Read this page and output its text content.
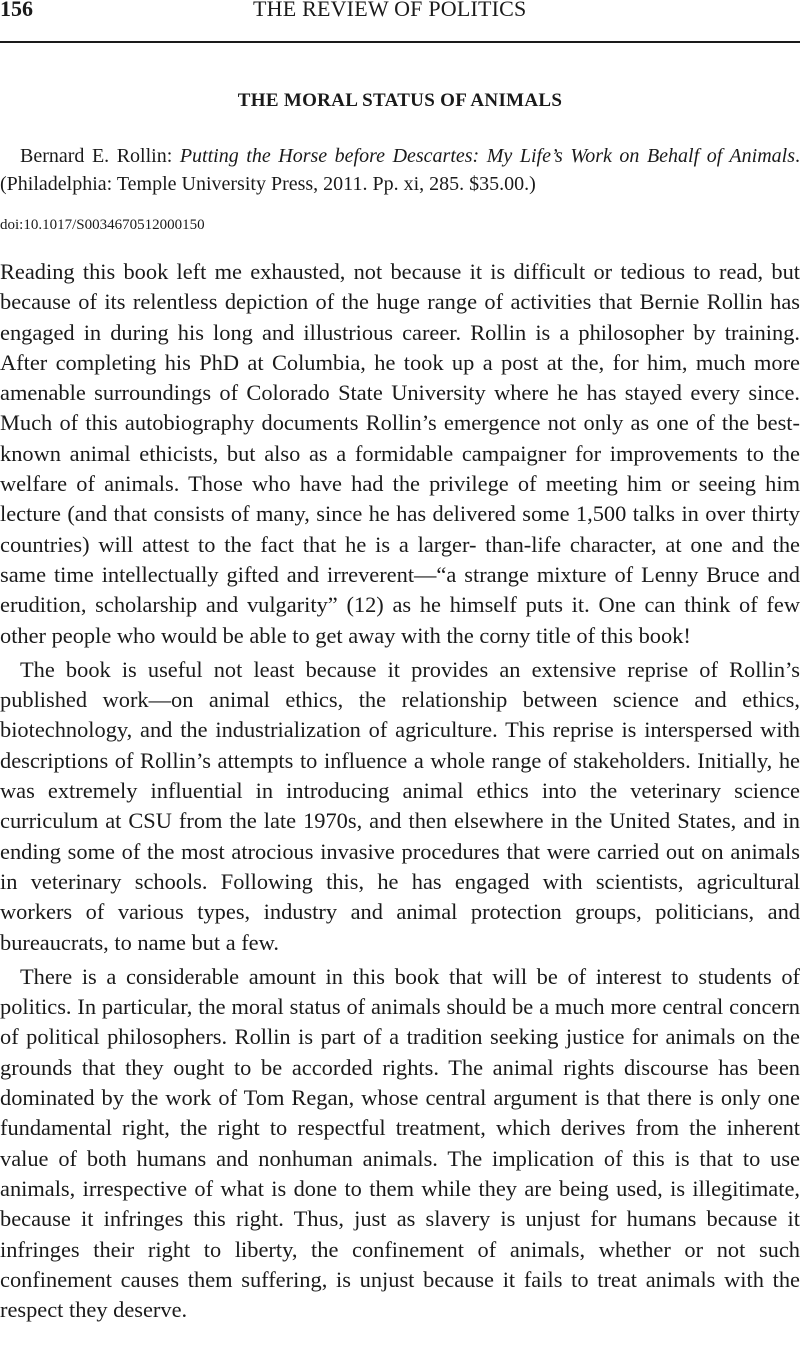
156	THE REVIEW OF POLITICS
THE MORAL STATUS OF ANIMALS
Bernard E. Rollin: Putting the Horse before Descartes: My Life’s Work on Behalf of Animals. (Philadelphia: Temple University Press, 2011. Pp. xi, 285. $35.00.)
doi:10.1017/S0034670512000150

Reading this book left me exhausted, not because it is difficult or tedious to read, but because of its relentless depiction of the huge range of activities that Bernie Rollin has engaged in during his long and illustrious career. Rollin is a philosopher by training. After completing his PhD at Columbia, he took up a post at the, for him, much more amenable surroundings of Colorado State University where he has stayed every since. Much of this autobiography documents Rollin’s emergence not only as one of the best-known animal ethicists, but also as a formidable campaigner for improvements to the welfare of animals. Those who have had the privilege of meeting him or seeing him lecture (and that consists of many, since he has delivered some 1,500 talks in over thirty countries) will attest to the fact that he is a larger- than-life character, at one and the same time intellectually gifted and irreverent—“a strange mixture of Lenny Bruce and erudition, scholarship and vulgarity” (12) as he himself puts it. One can think of few other people who would be able to get away with the corny title of this book!

The book is useful not least because it provides an extensive reprise of Rollin’s published work—on animal ethics, the relationship between science and ethics, biotechnology, and the industrialization of agriculture. This reprise is interspersed with descriptions of Rollin’s attempts to influence a whole range of stakeholders. Initially, he was extremely influential in introducing animal ethics into the veterinary science curriculum at CSU from the late 1970s, and then elsewhere in the United States, and in ending some of the most atrocious invasive procedures that were carried out on animals in veterinary schools. Following this, he has engaged with scientists, agricultural workers of various types, industry and animal protection groups, politicians, and bureaucrats, to name but a few.

There is a considerable amount in this book that will be of interest to students of politics. In particular, the moral status of animals should be a much more central concern of political philosophers. Rollin is part of a tradition seeking justice for animals on the grounds that they ought to be accorded rights. The animal rights discourse has been dominated by the work of Tom Regan, whose central argument is that there is only one fundamental right, the right to respectful treatment, which derives from the inherent value of both humans and nonhuman animals. The implication of this is that to use animals, irrespective of what is done to them while they are being used, is illegitimate, because it infringes this right. Thus, just as slavery is unjust for humans because it infringes their right to liberty, the confinement of animals, whether or not such confinement causes them suffering, is unjust because it fails to treat animals with the respect they deserve.
